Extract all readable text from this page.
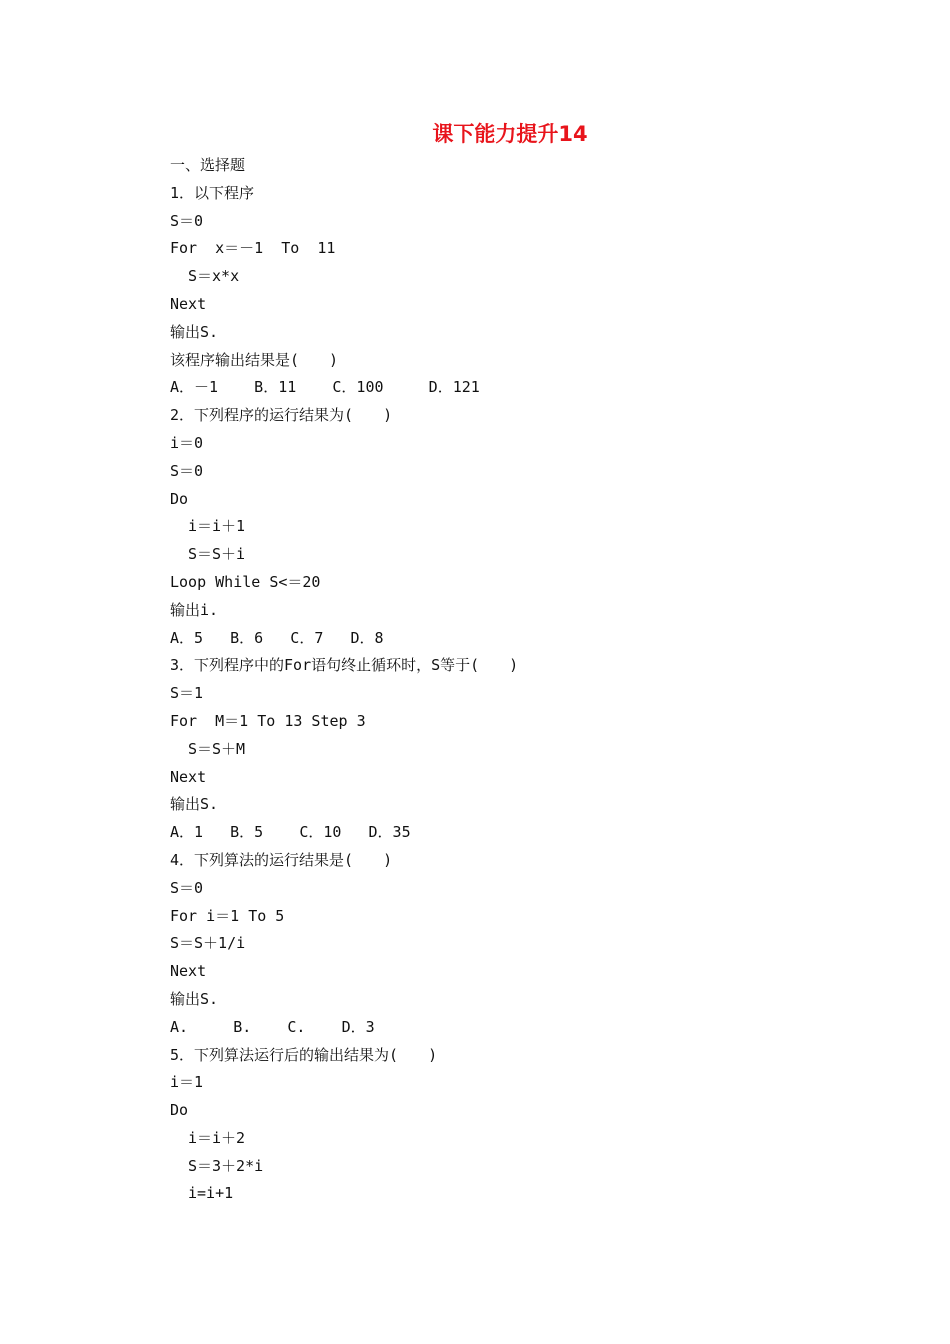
课下能力提升14
一、选择题
1．以下程序
S＝0
For  x＝－1  To  11
S＝x*x
Next
输出S.
该程序输出结果是(　　)
A．－1    B．11    C．100     D．121
2．下列程序的运行结果为(　　)
i＝0
S＝0
Do
i＝i＋1
S＝S＋i
Loop While S<＝20
输出i.
A．5   B．6   C．7   D．8
3．下列程序中的For语句终止循环时，S等于(　　)
S＝1
For  M＝1 To 13 Step 3
S＝S＋M
Next
输出S.
A．1   B．5    C．10   D．35
4．下列算法的运行结果是(　　)
S＝0
For i＝1 To 5
S＝S＋1/i
Next
输出S.
A.     B.    C.    D．3
5．下列算法运行后的输出结果为(　　)
i＝1
Do
i＝i＋2
S＝3＋2*i
i=i+1
